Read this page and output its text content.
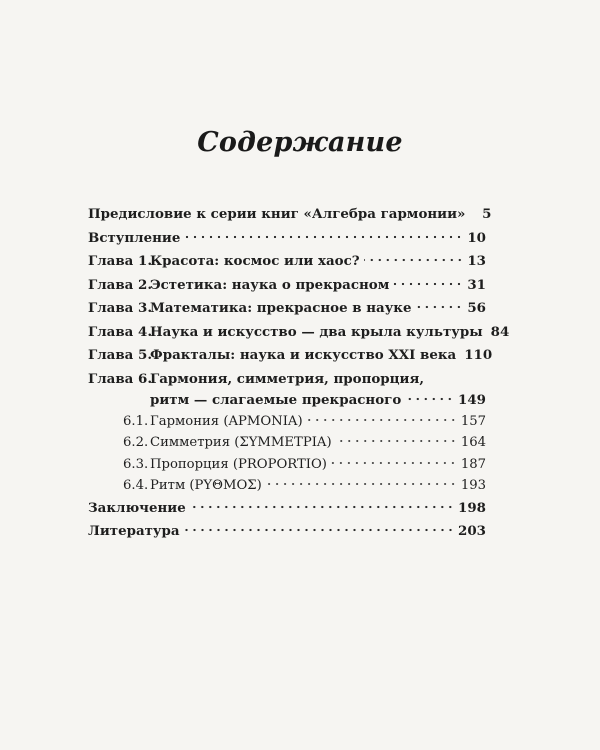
Содержание
Предисловие к серии книг «Алгебра гармонии»	5
Вступление	10
Глава 1.Красота: космос или хаос?	13
Глава 2.Эстетика: наука о прекрасном	31
Глава 3.Математика: прекрасное в науке	56
Глава 4.Наука и искусство — два крыла культуры 84
Глава 5.Фракталы: наука и искусство XXI века 110
Глава 6.Гармония, симметрия, пропорция,
ритм — слагаемые прекрасного	149
6.1. Гармония (ΑΡΜΟΝΙΑ)	157
6.2. Симметрия (ΣΥΜΜΕΤΡΙΑ)	164
6.3. Пропорция (PROPORTIO)	187
6.4. Ритм (ΡΥΘΜΟΣ)	193
Заключение	198
Литература	203
